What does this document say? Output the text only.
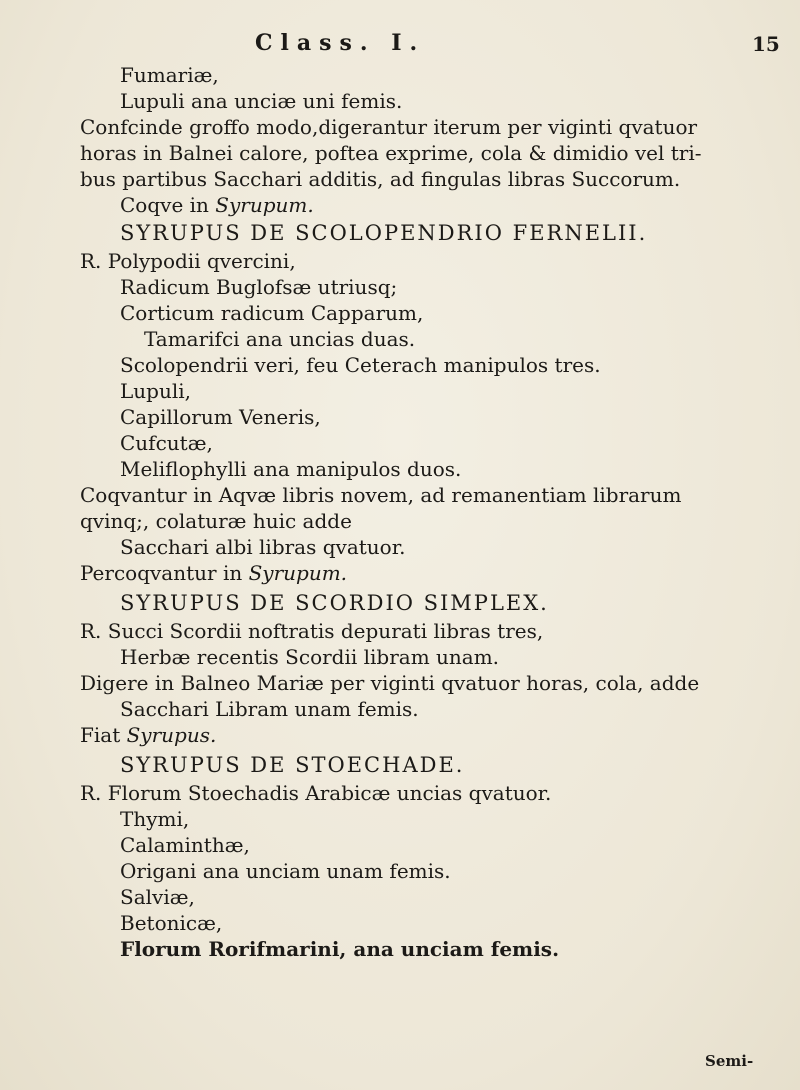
Class. I.	15
Fumariæ,
Lupuli ana unciæ uni femis.
Confcinde groffo modo,digerantur iterum per viginti qvatuor
horas in Balnei calore, poftea exprime, cola & dimidio vel tri-
bus partibus Sacchari additis, ad fingulas libras Succorum.
Coqve in Syrupum.
SYRUPUS DE SCOLOPENDRIO FERNELII.
R. Polypodii qvercini,
Radicum Buglofsæ utriusq;
Corticum radicum Capparum,
Tamarifci ana uncias duas.
Scolopendrii veri, feu Ceterach manipulos tres.
Lupuli,
Capillorum Veneris,
Cufcutæ,
Meliflophylli ana manipulos duos.
Coqvantur in Aqvæ libris novem, ad remanentiam librarum
qvinq;, colaturæ huic adde
Sacchari albi libras qvatuor.
Percoqvantur in Syrupum.
SYRUPUS DE SCORDIO SIMPLEX.
R. Succi Scordii noftratis depurati libras tres,
Herbæ recentis Scordii libram unam.
Digere in Balneo Mariæ per viginti qvatuor horas, cola, adde
Sacchari Libram unam femis.
Fiat Syrupus.
SYRUPUS DE STOECHADE.
R. Florum Stoechadis Arabicæ uncias qvatuor.
Thymi,
Calaminthæ,
Origani ana unciam unam femis.
Salviæ,
Betonicæ,
Florum Rorifmarini, ana unciam femis.
Semi-
